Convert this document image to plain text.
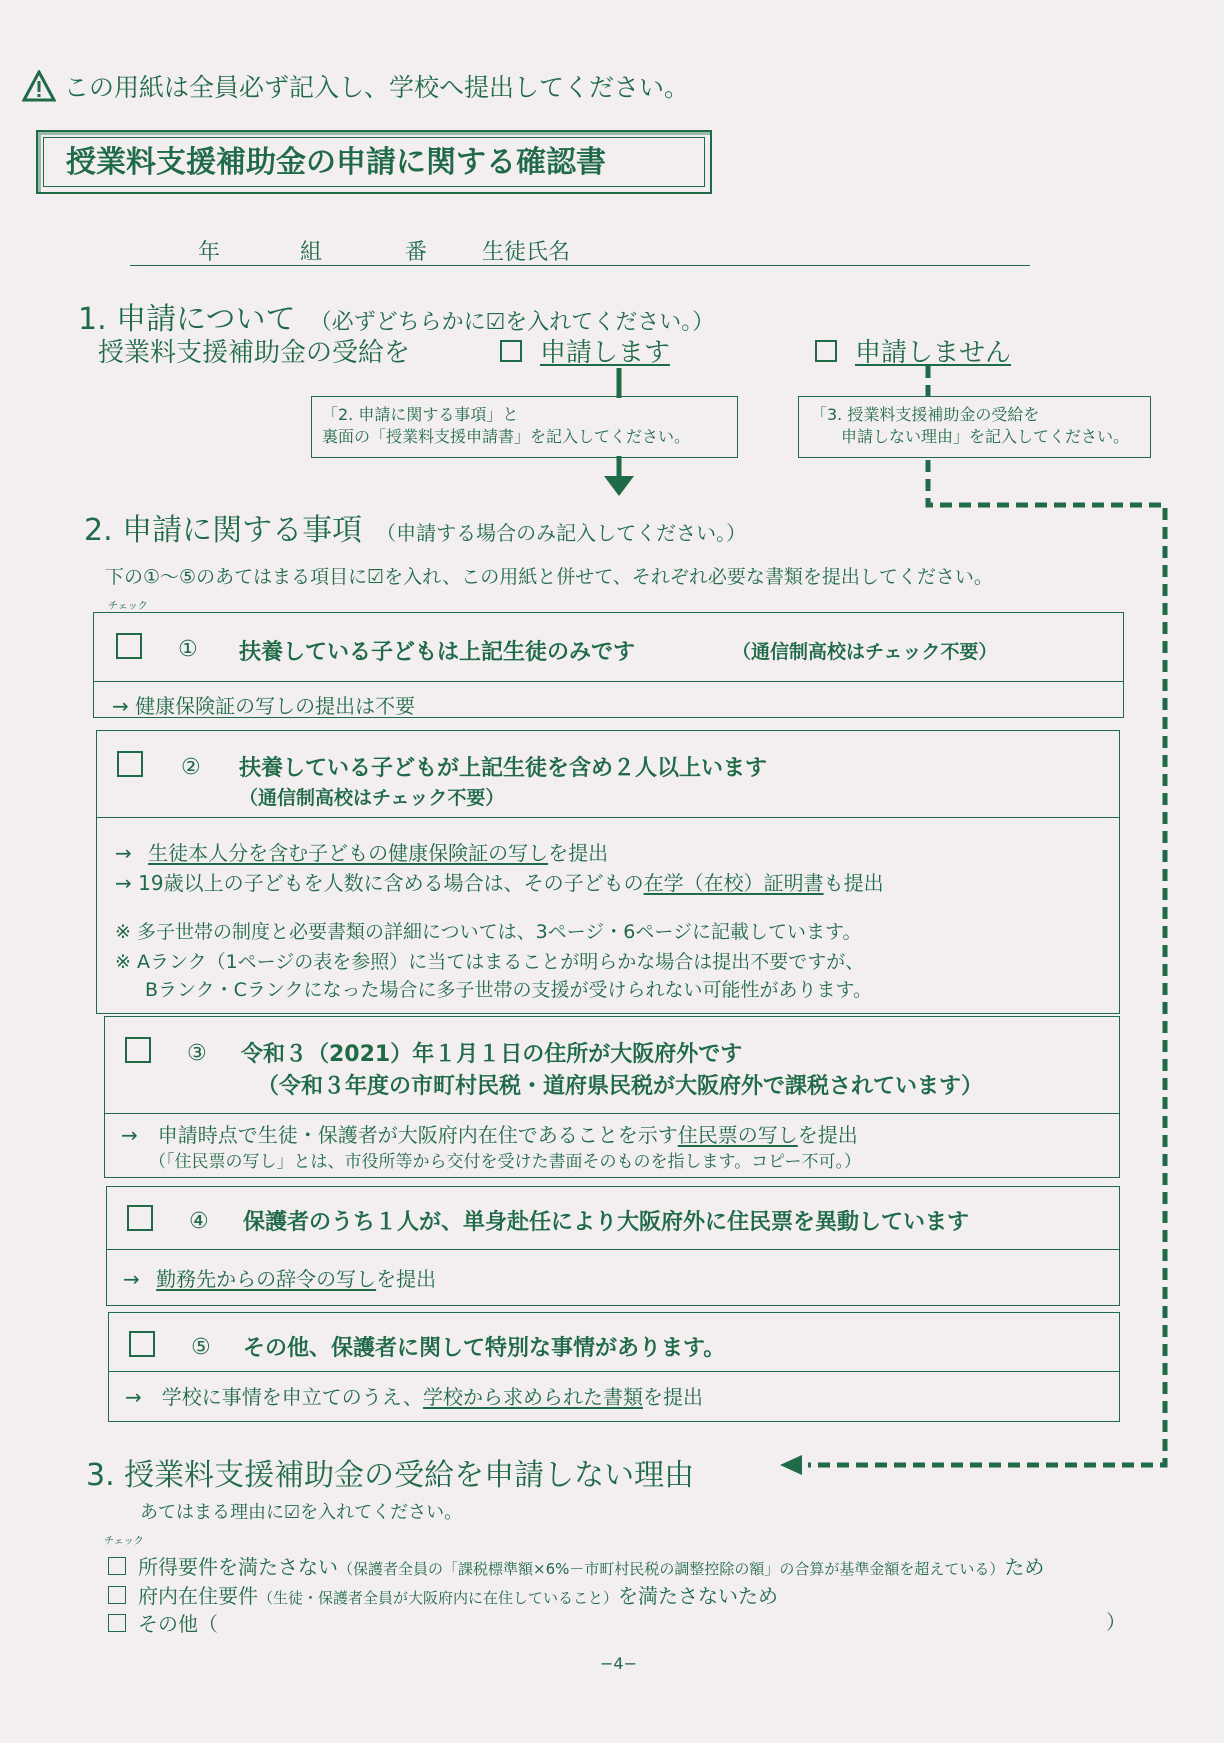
この用紙は全員必ず記入し、学校へ提出してください。
授業料支援補助金の申請に関する確認書
年	組	番 生徒氏名
1. 申請について （必ずどちらかに☑を入れてください。）
授業料支援補助金の受給を	申請します	申請しません
「2. 申請に関する事項」と
裏面の「授業料支援申請書」を記入してください。
「3. 授業料支援補助金の受給を
申請しない理由」を記入してください。
2. 申請に関する事項 （申請する場合のみ記入してください。）
下の①～⑤のあてはまる項目に☑を入れ、この用紙と併せて、それぞれ必要な書類を提出してください。
チェック
① 扶養している子どもは上記生徒のみです	（通信制高校はチェック不要）
→ 健康保険証の写しの提出は不要
② 扶養している子どもが上記生徒を含め２人以上います
（通信制高校はチェック不要）
→ 生徒本人分を含む子どもの健康保険証の写しを提出
→ 19歳以上の子どもを人数に含める場合は、その子どもの在学（在校）証明書も提出
※ 多子世帯の制度と必要書類の詳細については、3ページ・6ページに記載しています。
※ Aランク（1ページの表を参照）に当てはまることが明らかな場合は提出不要ですが、
Bランク・Cランクになった場合に多子世帯の支援が受けられない可能性があります。
③ 令和３（2021）年１月１日の住所が大阪府外です
（令和３年度の市町村民税・道府県民税が大阪府外で課税されています）
→　申請時点で生徒・保護者が大阪府内在住であることを示す住民票の写しを提出
（「住民票の写し」とは、市役所等から交付を受けた書面そのものを指します。コピー不可。）
④ 保護者のうち１人が、単身赴任により大阪府外に住民票を異動しています
→ 勤務先からの辞令の写しを提出
⑤ その他、保護者に関して特別な事情があります。
→　学校に事情を申立てのうえ、学校から求められた書類を提出
3. 授業料支援補助金の受給を申請しない理由
あてはまる理由に☑を入れてください。
チェック
所得要件を満たさない（保護者全員の「課税標準額×6%－市町村民税の調整控除の額」の合算が基準金額を超えている）ため
府内在住要件（生徒・保護者全員が大阪府内に在住していること）を満たさないため
その他（	）
−4−
